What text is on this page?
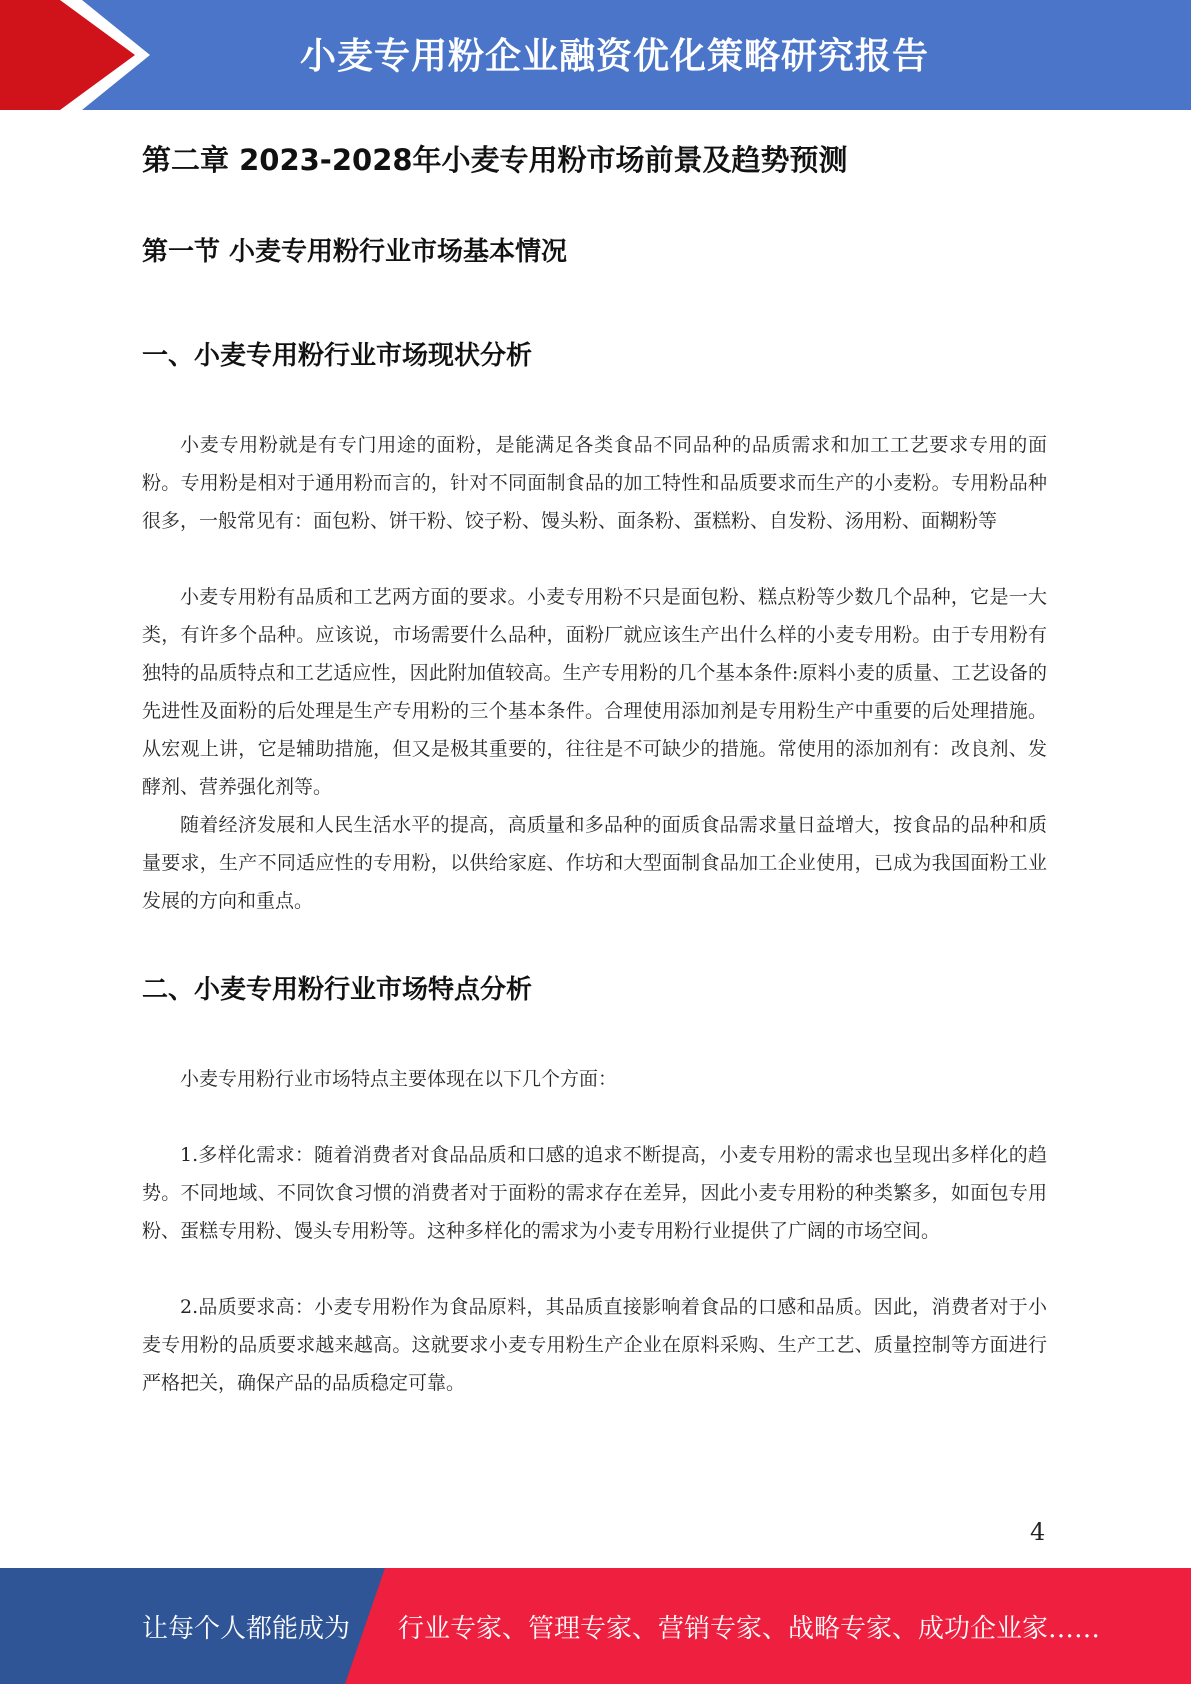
小麦专用粉企业融资优化策略研究报告
第二章 2023-2028年小麦专用粉市场前景及趋势预测
第一节 小麦专用粉行业市场基本情况
一、小麦专用粉行业市场现状分析

小麦专用粉就是有专门用途的面粉，是能满足各类食品不同品种的品质需求和加工工艺要求专用的面粉。专用粉是相对于通用粉而言的，针对不同面制食品的加工特性和品质要求而生产的小麦粉。专用粉品种很多，一般常见有：面包粉、饼干粉、饺子粉、馒头粉、面条粉、蛋糕粉、自发粉、汤用粉、面糊粉等

小麦专用粉有品质和工艺两方面的要求。小麦专用粉不只是面包粉、糕点粉等少数几个品种，它是一大类，有许多个品种。应该说，市场需要什么品种，面粉厂就应该生产出什么样的小麦专用粉。由于专用粉有独特的品质特点和工艺适应性，因此附加值较高。生产专用粉的几个基本条件:原料小麦的质量、工艺设备的先进性及面粉的后处理是生产专用粉的三个基本条件。合理使用添加剂是专用粉生产中重要的后处理措施。从宏观上讲，它是辅助措施，但又是极其重要的，往往是不可缺少的措施。常使用的添加剂有：改良剂、发酵剂、营养强化剂等。

随着经济发展和人民生活水平的提高，高质量和多品种的面质食品需求量日益增大，按食品的品种和质量要求，生产不同适应性的专用粉，以供给家庭、作坊和大型面制食品加工企业使用，已成为我国面粉工业发展的方向和重点。

二、小麦专用粉行业市场特点分析

小麦专用粉行业市场特点主要体现在以下几个方面：

1.多样化需求：随着消费者对食品品质和口感的追求不断提高，小麦专用粉的需求也呈现出多样化的趋势。不同地域、不同饮食习惯的消费者对于面粉的需求存在差异，因此小麦专用粉的种类繁多，如面包专用粉、蛋糕专用粉、馒头专用粉等。这种多样化的需求为小麦专用粉行业提供了广阔的市场空间。

2.品质要求高：小麦专用粉作为食品原料，其品质直接影响着食品的口感和品质。因此，消费者对于小麦专用粉的品质要求越来越高。这就要求小麦专用粉生产企业在原料采购、生产工艺、质量控制等方面进行严格把关，确保产品的品质稳定可靠。

4
让每个人都能成为 行业专家、管理专家、营销专家、战略专家、成功企业家……
